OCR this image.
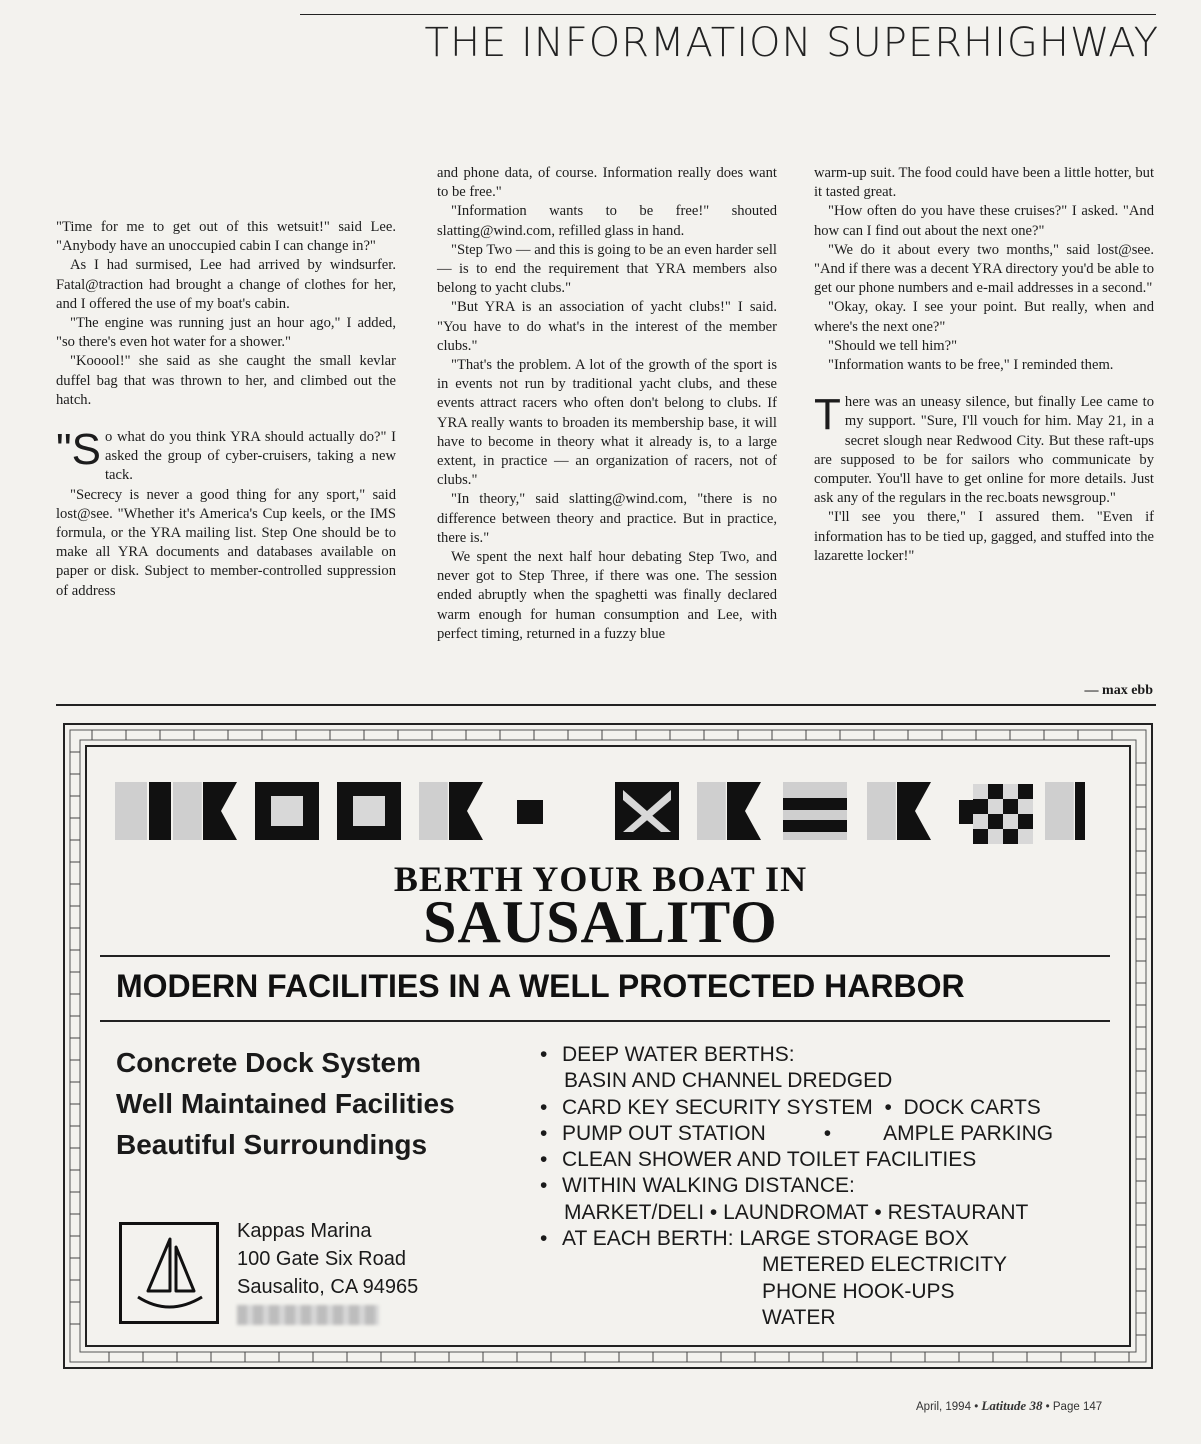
THE INFORMATION SUPERHIGHWAY

"Time for me to get out of this wetsuit!" said Lee. "Anybody have an unoccupied cabin I can change in?"

As I had surmised, Lee had arrived by windsurfer. Fatal@traction had brought a change of clothes for her, and I offered the use of my boat's cabin.

"The engine was running just an hour ago," I added, "so there's even hot water for a shower."

"Kooool!" she said as she caught the small kevlar duffel bag that was thrown to her, and climbed out the hatch.

"So what do you think YRA should actually do?" I asked the group of cyber-cruisers, taking a new tack.

"Secrecy is never a good thing for any sport," said lost@see. "Whether it's America's Cup keels, or the IMS formula, or the YRA mailing list. Step One should be to make all YRA documents and databases available on paper or disk. Subject to member-controlled suppression of address

and phone data, of course. Information really does want to be free."

"Information wants to be free!" shouted slatting@wind.com, refilled glass in hand.

"Step Two — and this is going to be an even harder sell — is to end the requirement that YRA members also belong to yacht clubs."

"But YRA is an association of yacht clubs!" I said. "You have to do what's in the interest of the member clubs."

"That's the problem. A lot of the growth of the sport is in events not run by traditional yacht clubs, and these events attract racers who often don't belong to clubs. If YRA really wants to broaden its membership base, it will have to become in theory what it already is, to a large extent, in practice — an organization of racers, not of clubs."

"In theory," said slatting@wind.com, "there is no difference between theory and practice. But in practice, there is."

We spent the next half hour debating Step Two, and never got to Step Three, if there was one. The session ended abruptly when the spaghetti was finally declared warm enough for human consumption and Lee, with perfect timing, returned in a fuzzy blue

warm-up suit. The food could have been a little hotter, but it tasted great.

"How often do you have these cruises?" I asked. "And how can I find out about the next one?"

"We do it about every two months," said lost@see. "And if there was a decent YRA directory you'd be able to get our phone numbers and e-mail addresses in a second."

"Okay, okay. I see your point. But really, when and where's the next one?"

"Should we tell him?"

"Information wants to be free," I reminded them.

There was an uneasy silence, but finally Lee came to my support. "Sure, I'll vouch for him. May 21, in a secret slough near Redwood City. But these raft-ups are supposed to be for sailors who communicate by computer. You'll have to get online for more details. Just ask any of the regulars in the rec.boats newsgroup."

"I'll see you there," I assured them. "Even if information has to be tied up, gagged, and stuffed into the lazarette locker!"

— max ebb
BERTH YOUR BOAT IN
SAUSALITO
MODERN FACILITIES IN A WELL PROTECTED HARBOR
Concrete Dock System
Well Maintained Facilities
Beautiful Surroundings
• DEEP WATER BERTHS:
BASIN AND CHANNEL DREDGED
• CARD KEY SECURITY SYSTEM • DOCK CARTS
• PUMP OUT STATION	• AMPLE PARKING
• CLEAN SHOWER AND TOILET FACILITIES
• WITHIN WALKING DISTANCE:
MARKET/DELI • LAUNDROMAT • RESTAURANT
• AT EACH BERTH: LARGE STORAGE BOX
METERED ELECTRICITY
PHONE HOOK-UPS
WATER
Kappas Marina
100 Gate Six Road
Sausalito, CA 94965
April, 1994 • Latitude 38 • Page 147
